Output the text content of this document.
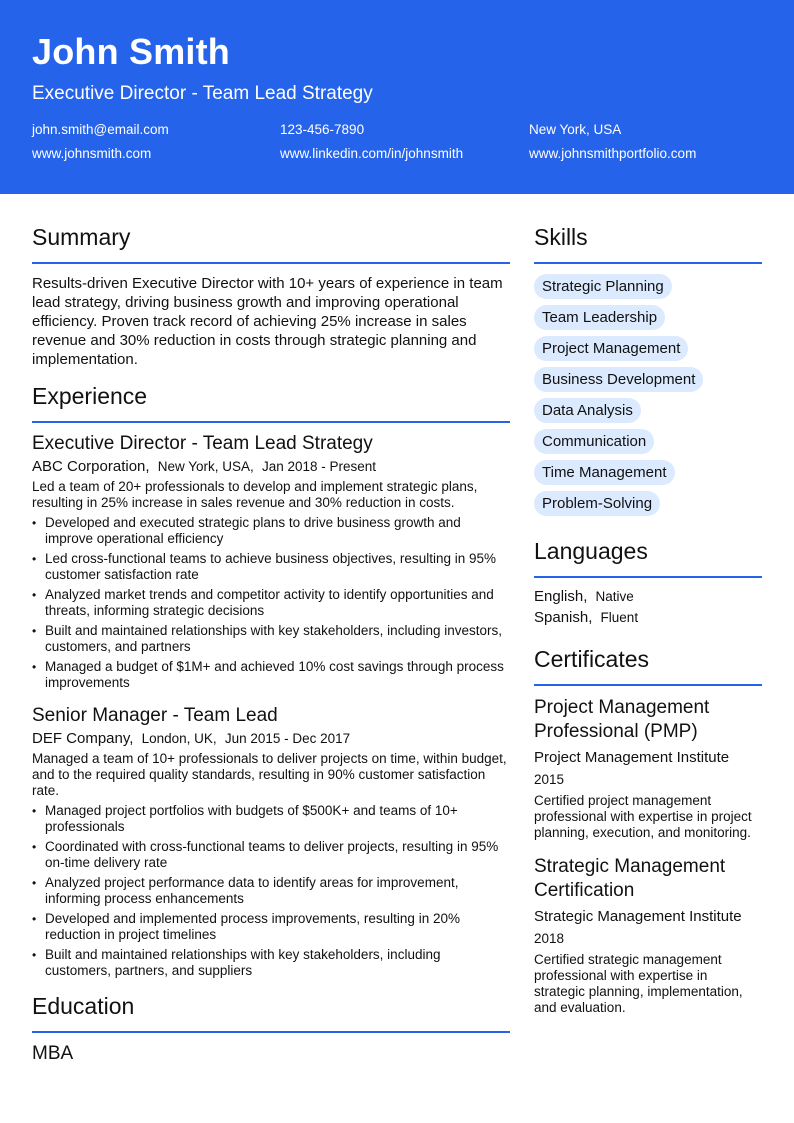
John Smith
Executive Director - Team Lead Strategy
john.smith@email.com	123-456-7890	New York, USA
www.johnsmith.com	www.linkedin.com/in/johnsmith	www.johnsmithportfolio.com
Summary
Results-driven Executive Director with 10+ years of experience in team lead strategy, driving business growth and improving operational efficiency. Proven track record of achieving 25% increase in sales revenue and 30% reduction in costs through strategic planning and implementation.
Experience
Executive Director - Team Lead Strategy
ABC Corporation, New York, USA, Jan 2018 - Present
Led a team of 20+ professionals to develop and implement strategic plans, resulting in 25% increase in sales revenue and 30% reduction in costs.
• Developed and executed strategic plans to drive business growth and improve operational efficiency
• Led cross-functional teams to achieve business objectives, resulting in 95% customer satisfaction rate
• Analyzed market trends and competitor activity to identify opportunities and threats, informing strategic decisions
• Built and maintained relationships with key stakeholders, including investors, customers, and partners
• Managed a budget of $1M+ and achieved 10% cost savings through process improvements
Senior Manager - Team Lead
DEF Company, London, UK, Jun 2015 - Dec 2017
Managed a team of 10+ professionals to deliver projects on time, within budget, and to the required quality standards, resulting in 90% customer satisfaction rate.
• Managed project portfolios with budgets of $500K+ and teams of 10+ professionals
• Coordinated with cross-functional teams to deliver projects, resulting in 95% on-time delivery rate
• Analyzed project performance data to identify areas for improvement, informing process enhancements
• Developed and implemented process improvements, resulting in 20% reduction in project timelines
• Built and maintained relationships with key stakeholders, including customers, partners, and suppliers
Education
MBA
Skills
Strategic Planning
Team Leadership
Project Management
Business Development
Data Analysis
Communication
Time Management
Problem-Solving
Languages
English, Native
Spanish, Fluent
Certificates
Project Management Professional (PMP)
Project Management Institute
2015
Certified project management professional with expertise in project planning, execution, and monitoring.
Strategic Management Certification
Strategic Management Institute
2018
Certified strategic management professional with expertise in strategic planning, implementation, and evaluation.
